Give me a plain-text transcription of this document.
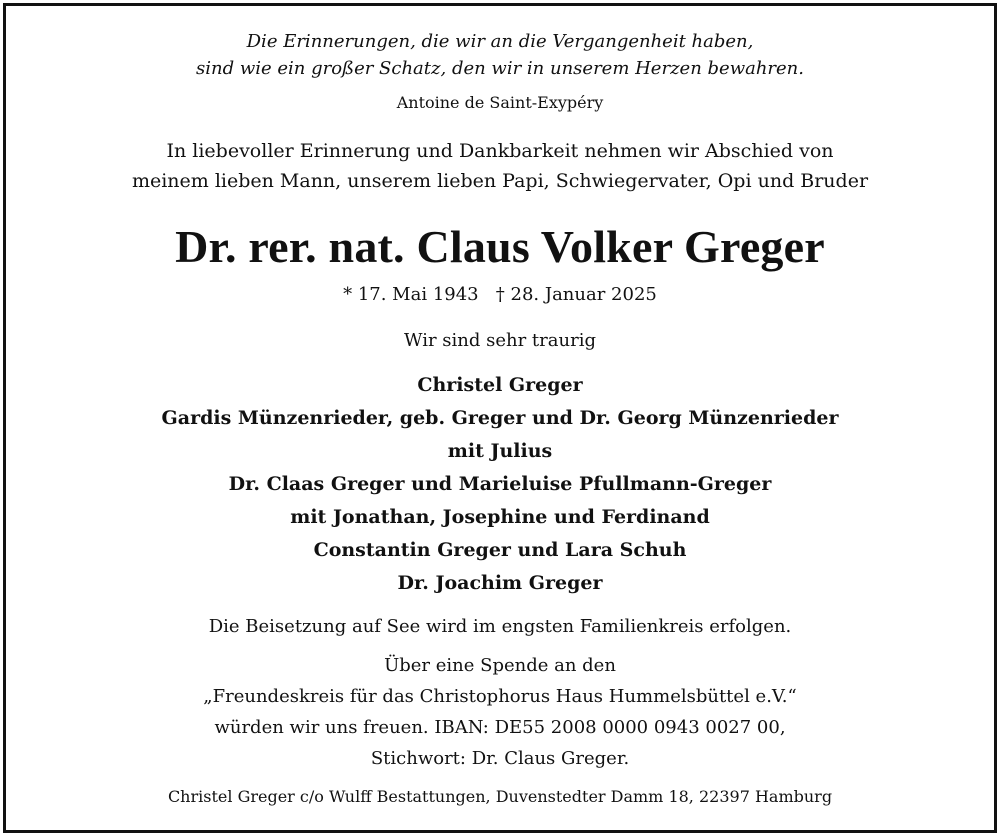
Die Erinnerungen, die wir an die Vergangenheit haben,
sind wie ein großer Schatz, den wir in unserem Herzen bewahren.
Antoine de Saint-Exypéry
In liebevoller Erinnerung und Dankbarkeit nehmen wir Abschied von
meinem lieben Mann, unserem lieben Papi, Schwiegervater, Opi und Bruder
Dr. rer. nat. Claus Volker Greger
* 17. Mai 1943   † 28. Januar 2025
Wir sind sehr traurig
Christel Greger
Gardis Münzenrieder, geb. Greger und Dr. Georg Münzenrieder
mit Julius
Dr. Claas Greger und Marieluise Pfullmann-Greger
mit Jonathan, Josephine und Ferdinand
Constantin Greger und Lara Schuh
Dr. Joachim Greger
Die Beisetzung auf See wird im engsten Familienkreis erfolgen.
Über eine Spende an den
„Freundeskreis für das Christophorus Haus Hummelsbüttel e.V.“
würden wir uns freuen. IBAN: DE55 2008 0000 0943 0027 00,
Stichwort: Dr. Claus Greger.
Christel Greger c/o Wulff Bestattungen, Duvenstedter Damm 18, 22397 Hamburg
